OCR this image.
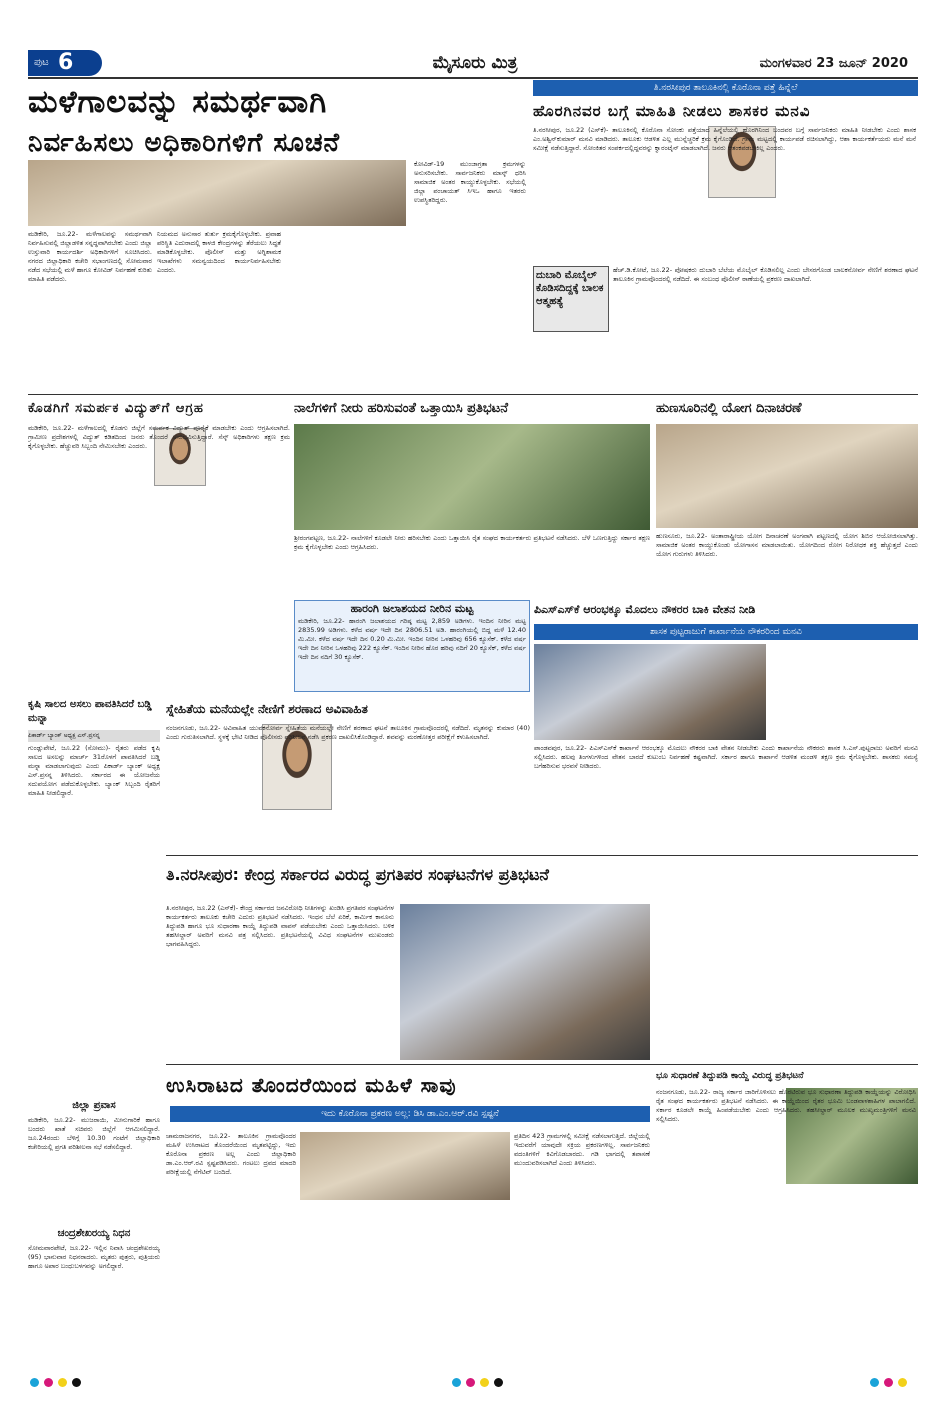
ಪುಟ 6	ಮೈಸೂರು ಮಿತ್ರ	ಮಂಗಳವಾರ 23 ಜೂನ್ 2020
ಮಳೆಗಾಲವನ್ನು ಸಮರ್ಥವಾಗಿ
ನಿರ್ವಹಿಸಲು ಅಧಿಕಾರಿಗಳಿಗೆ ಸೂಚನೆ

ಮಡಿಕೇರಿ, ಜೂ.22- ಮಳೆಗಾಲವನ್ನು ಸಮರ್ಥವಾಗಿ ನಿರ್ವಹಿಸುವಲ್ಲಿ ಜಿಲ್ಲಾಡಳಿತ ಸನ್ನದ್ಧವಾಗಿರಬೇಕು ಎಂದು ಜಿಲ್ಲಾ ಉಸ್ತುವಾರಿ ಕಾರ್ಯದರ್ಶಿ ಅಧಿಕಾರಿಗಳಿಗೆ ಸೂಚಿಸಿದರು. ನಗರದ ಜಿಲ್ಲಾಧಿಕಾರಿ ಕಚೇರಿ ಸಭಾಂಗಣದಲ್ಲಿ ಸೋಮವಾರ ನಡೆದ ಸಭೆಯಲ್ಲಿ ಮಳೆ ಹಾಗೂ ಕೋವಿಡ್ ನಿರ್ವಹಣೆ ಕುರಿತು ಮಾಹಿತಿ ಪಡೆದರು.

ನಿಯಮದ ಅನುಸಾರ ತುರ್ತು ಕ್ರಮಕೈಗೊಳ್ಳಬೇಕು. ಪ್ರವಾಹ ಪರಿಸ್ಥಿತಿ ಎದುರಾದಲ್ಲಿ ಕಾಳಜಿ ಕೇಂದ್ರಗಳನ್ನು ತೆರೆಯಲು ಸಿದ್ಧತೆ ಮಾಡಿಕೊಳ್ಳಬೇಕು. ಪೊಲೀಸ್ ಮತ್ತು ಅಗ್ನಿಶಾಮಕ ಇಲಾಖೆಗಳು ಸಮನ್ವಯದಿಂದ ಕಾರ್ಯನಿರ್ವಹಿಸಬೇಕು ಎಂದರು.

ಕೋವಿಡ್-19 ಮುಂಜಾಗ್ರತಾ ಕ್ರಮಗಳನ್ನು ಅನುಸರಿಸಬೇಕು. ಸಾರ್ವಜನಿಕರು ಮಾಸ್ಕ್ ಧರಿಸಿ ಸಾಮಾಜಿಕ ಅಂತರ ಕಾಯ್ದುಕೊಳ್ಳಬೇಕು. ಸಭೆಯಲ್ಲಿ ಜಿಲ್ಲಾ ಪಂಚಾಯತ್ ಸಿಇಒ ಹಾಗೂ ಇತರರು ಉಪಸ್ಥಿತರಿದ್ದರು.

ತಿ.ನರಸೀಪುರ ತಾಲೂಕಿನಲ್ಲಿ ಕೊರೊನಾ ಪತ್ತೆ ಹಿನ್ನೆಲೆ
ಹೊರಗಿನವರ ಬಗ್ಗೆ ಮಾಹಿತಿ ನೀಡಲು ಶಾಸಕರ ಮನವಿ

ತಿ.ನರಸೀಪುರ, ಜೂ.22 (ಎಸ್‌ಕೆ)- ತಾಲೂಕಿನಲ್ಲಿ ಕೊರೊನಾ ಸೋಂಕು ಪತ್ತೆಯಾದ ಹಿನ್ನೆಲೆಯಲ್ಲಿ ಹೊರಗಿನಿಂದ ಬಂದವರ ಬಗ್ಗೆ ಸಾರ್ವಜನಿಕರು ಮಾಹಿತಿ ನೀಡಬೇಕು ಎಂದು ಶಾಸಕ ಎಂ.ಅಶ್ವಿನ್‌ಕುಮಾರ್ ಮನವಿ ಮಾಡಿದರು. ತಾಲೂಕು ಆಡಳಿತ ಎಲ್ಲ ಮುನ್ನೆಚ್ಚರಿಕೆ ಕ್ರಮ ಕೈಗೊಂಡಿದೆ. ಗ್ರಾಮ ಮಟ್ಟದಲ್ಲಿ ಕಾರ್ಯಪಡೆ ರಚಿಸಲಾಗಿದ್ದು, ಆಶಾ ಕಾರ್ಯಕರ್ತೆಯರು ಮನೆ ಮನೆ ಸಮೀಕ್ಷೆ ನಡೆಸುತ್ತಿದ್ದಾರೆ. ಸೋಂಕಿತರ ಸಂಪರ್ಕದಲ್ಲಿದ್ದವರನ್ನು ಕ್ವಾರಂಟೈನ್ ಮಾಡಲಾಗಿದೆ. ಜನರು ಆತಂಕಪಡಬೇಕಿಲ್ಲ ಎಂದರು.

ದುಬಾರಿ ಮೊಬೈಲ್ ಕೊಡಿಸದಿದ್ದಕ್ಕೆ ಬಾಲಕ ಆತ್ಮಹತ್ಯೆ

ಹೆಚ್.ಡಿ.ಕೋಟೆ, ಜೂ.22- ಪೋಷಕರು ದುಬಾರಿ ಬೆಲೆಯ ಮೊಬೈಲ್ ಕೊಡಿಸಲಿಲ್ಲ ಎಂದು ಬೇಸರಗೊಂಡ ಬಾಲಕನೋರ್ವ ನೇಣಿಗೆ ಶರಣಾದ ಘಟನೆ ತಾಲೂಕಿನ ಗ್ರಾಮವೊಂದರಲ್ಲಿ ನಡೆದಿದೆ. ಈ ಸಂಬಂಧ ಪೊಲೀಸ್ ಠಾಣೆಯಲ್ಲಿ ಪ್ರಕರಣ ದಾಖಲಾಗಿದೆ.

ಕೊಡಗಿಗೆ ಸಮರ್ಪಕ ವಿದ್ಯುತ್‌ಗೆ ಆಗ್ರಹ

ಮಡಿಕೇರಿ, ಜೂ.22- ಮಳೆಗಾಲದಲ್ಲಿ ಕೊಡಗು ಜಿಲ್ಲೆಗೆ ಸಮರ್ಪಕ ವಿದ್ಯುತ್ ಪೂರೈಕೆ ಮಾಡಬೇಕು ಎಂದು ಆಗ್ರಹಿಸಲಾಗಿದೆ. ಗ್ರಾಮೀಣ ಪ್ರದೇಶಗಳಲ್ಲಿ ವಿದ್ಯುತ್ ಕಡಿತದಿಂದ ಜನರು ತೊಂದರೆ ಅನುಭವಿಸುತ್ತಿದ್ದಾರೆ. ಸೆಸ್ಕ್ ಅಧಿಕಾರಿಗಳು ತಕ್ಷಣ ಕ್ರಮ ಕೈಗೊಳ್ಳಬೇಕು. ಹೆಚ್ಚುವರಿ ಸಿಬ್ಬಂದಿ ನೇಮಿಸಬೇಕು ಎಂದರು.

ನಾಲೆಗಳಿಗೆ ನೀರು ಹರಿಸುವಂತೆ ಒತ್ತಾಯಿಸಿ ಪ್ರತಿಭಟನೆ

ಶ್ರೀರಂಗಪಟ್ಟಣ, ಜೂ.22- ನಾಲೆಗಳಿಗೆ ಕೂಡಲೇ ನೀರು ಹರಿಸಬೇಕು ಎಂದು ಒತ್ತಾಯಿಸಿ ರೈತ ಸಂಘದ ಕಾರ್ಯಕರ್ತರು ಪ್ರತಿಭಟನೆ ನಡೆಸಿದರು. ಬೆಳೆ ಒಣಗುತ್ತಿದ್ದು ಸರ್ಕಾರ ತಕ್ಷಣ ಕ್ರಮ ಕೈಗೊಳ್ಳಬೇಕು ಎಂದು ಆಗ್ರಹಿಸಿದರು.

ಹುಣಸೂರಿನಲ್ಲಿ ಯೋಗ ದಿನಾಚರಣೆ

ಹುಣಸೂರು, ಜೂ.22- ಅಂತಾರಾಷ್ಟ್ರೀಯ ಯೋಗ ದಿನಾಚರಣೆ ಅಂಗವಾಗಿ ಪಟ್ಟಣದಲ್ಲಿ ಯೋಗ ಶಿಬಿರ ಆಯೋಜಿಸಲಾಗಿತ್ತು. ಸಾಮಾಜಿಕ ಅಂತರ ಕಾಯ್ದುಕೊಂಡು ಯೋಗಾಸನ ಮಾಡಲಾಯಿತು. ಯೋಗದಿಂದ ರೋಗ ನಿರೋಧಕ ಶಕ್ತಿ ಹೆಚ್ಚುತ್ತದೆ ಎಂದು ಯೋಗ ಗುರುಗಳು ತಿಳಿಸಿದರು.

ಹಾರಂಗಿ ಜಲಾಶಯದ ನೀರಿನ ಮಟ್ಟ
ಮಡಿಕೇರಿ, ಜೂ.22- ಹಾರಂಗಿ ಜಲಾಶಯದ ಗರಿಷ್ಠ ಮಟ್ಟ 2,859 ಅಡಿಗಳು. ಇಂದಿನ ನೀರಿನ ಮಟ್ಟ 2835.99 ಅಡಿಗಳು. ಕಳೆದ ವರ್ಷ ಇದೇ ದಿನ 2806.51 ಅಡಿ. ಹಾರಂಗಿಯಲ್ಲಿ ಬಿದ್ದ ಮಳೆ 12.40 ಮಿ.ಮೀ. ಕಳೆದ ವರ್ಷ ಇದೇ ದಿನ 0.20 ಮಿ.ಮೀ. ಇಂದಿನ ನೀರಿನ ಒಳಹರಿವು 656 ಕ್ಯೂಸೆಕ್. ಕಳೆದ ವರ್ಷ ಇದೇ ದಿನ ನೀರಿನ ಒಳಹರಿವು 222 ಕ್ಯೂಸೆಕ್. ಇಂದಿನ ನೀರಿನ ಹೊರ ಹರಿವು ನದಿಗೆ 20 ಕ್ಯೂಸೆಕ್, ಕಳೆದ ವರ್ಷ ಇದೇ ದಿನ ನದಿಗೆ 30 ಕ್ಯೂಸೆಕ್.
ಪಿಎಸ್‌ಎಸ್‌ಕೆ ಆರಂಭಕ್ಕೂ ಮೊದಲು ನೌಕರರ ಬಾಕಿ ವೇತನ ನೀಡಿ
ಶಾಸಕ ಪುಟ್ಟರಾಜುಗೆ ಕಾರ್ಖಾನೆಯ ನೌಕರರಿಂದ ಮನವಿ

ಪಾಂಡವಪುರ, ಜೂ.22- ಪಿಎಸ್‌ಎಸ್‌ಕೆ ಕಾರ್ಖಾನೆ ಆರಂಭಕ್ಕೂ ಮೊದಲು ನೌಕರರ ಬಾಕಿ ವೇತನ ನೀಡಬೇಕು ಎಂದು ಕಾರ್ಖಾನೆಯ ನೌಕರರು ಶಾಸಕ ಸಿ.ಎಸ್.ಪುಟ್ಟರಾಜು ಅವರಿಗೆ ಮನವಿ ಸಲ್ಲಿಸಿದರು. ಹಲವು ತಿಂಗಳುಗಳಿಂದ ವೇತನ ಬಾರದೆ ಕುಟುಂಬ ನಿರ್ವಹಣೆ ಕಷ್ಟವಾಗಿದೆ. ಸರ್ಕಾರ ಹಾಗೂ ಕಾರ್ಖಾನೆ ಆಡಳಿತ ಮಂಡಳಿ ತಕ್ಷಣ ಕ್ರಮ ಕೈಗೊಳ್ಳಬೇಕು. ಶಾಸಕರು ಸಮಸ್ಯೆ ಬಗೆಹರಿಸುವ ಭರವಸೆ ನೀಡಿದರು.

ಕೃಷಿ ಸಾಲದ ಅಸಲು ಪಾವತಿಸಿದರೆ ಬಡ್ಡಿ ಮನ್ನಾ
ಪಿಕಾರ್ಡ್ ಬ್ಯಾಂಕ್ ಅಧ್ಯಕ್ಷ ಎಸ್.ಪ್ರಸನ್ನ

ಗುಂಡ್ಲುಪೇಟೆ, ಜೂ.22 (ಸೋಮು)- ರೈತರು ಪಡೆದ ಕೃಷಿ ಸಾಲದ ಅಸಲನ್ನು ಮಾರ್ಚ್ 31ರೊಳಗೆ ಪಾವತಿಸಿದರೆ ಬಡ್ಡಿ ಮನ್ನಾ ಮಾಡಲಾಗುವುದು ಎಂದು ಪಿಕಾರ್ಡ್ ಬ್ಯಾಂಕ್ ಅಧ್ಯಕ್ಷ ಎಸ್.ಪ್ರಸನ್ನ ತಿಳಿಸಿದರು. ಸರ್ಕಾರದ ಈ ಯೋಜನೆಯ ಸದುಪಯೋಗ ಪಡೆದುಕೊಳ್ಳಬೇಕು. ಬ್ಯಾಂಕ್ ಸಿಬ್ಬಂದಿ ರೈತರಿಗೆ ಮಾಹಿತಿ ನೀಡಲಿದ್ದಾರೆ.

ಸ್ನೇಹಿತೆಯ ಮನೆಯಲ್ಲೇ ನೇಣಿಗೆ ಶರಣಾದ ಅವಿವಾಹಿತ

ನಂಜನಗೂಡು, ಜೂ.22- ಅವಿವಾಹಿತ ಯುವಕನೋರ್ವ ಸ್ನೇಹಿತೆಯ ಮನೆಯಲ್ಲೇ ನೇಣಿಗೆ ಶರಣಾದ ಘಟನೆ ತಾಲೂಕಿನ ಗ್ರಾಮವೊಂದರಲ್ಲಿ ನಡೆದಿದೆ. ಮೃತನನ್ನು ಕುಮಾರ (40) ಎಂದು ಗುರುತಿಸಲಾಗಿದೆ. ಸ್ಥಳಕ್ಕೆ ಭೇಟಿ ನೀಡಿದ ಪೊಲೀಸರು ಪರಿಶೀಲನೆ ನಡೆಸಿ ಪ್ರಕರಣ ದಾಖಲಿಸಿಕೊಂಡಿದ್ದಾರೆ. ಶವವನ್ನು ಮರಣೋತ್ತರ ಪರೀಕ್ಷೆಗೆ ಕಳುಹಿಸಲಾಗಿದೆ.

ತಿ.ನರಸೀಪುರ: ಕೇಂದ್ರ ಸರ್ಕಾರದ ವಿರುದ್ಧ ಪ್ರಗತಿಪರ ಸಂಘಟನೆಗಳ ಪ್ರತಿಭಟನೆ

ತಿ.ನರಸೀಪುರ, ಜೂ.22 (ಎಸ್‌ಕೆ)- ಕೇಂದ್ರ ಸರ್ಕಾರದ ಜನವಿರೋಧಿ ನೀತಿಗಳನ್ನು ಖಂಡಿಸಿ ಪ್ರಗತಿಪರ ಸಂಘಟನೆಗಳ ಕಾರ್ಯಕರ್ತರು ತಾಲೂಕು ಕಚೇರಿ ಎದುರು ಪ್ರತಿಭಟನೆ ನಡೆಸಿದರು. ಇಂಧನ ಬೆಲೆ ಏರಿಕೆ, ಕಾರ್ಮಿಕ ಕಾನೂನು ತಿದ್ದುಪಡಿ ಹಾಗೂ ಭೂ ಸುಧಾರಣಾ ಕಾಯ್ದೆ ತಿದ್ದುಪಡಿ ವಾಪಸ್ ಪಡೆಯಬೇಕು ಎಂದು ಒತ್ತಾಯಿಸಿದರು. ಬಳಿಕ ತಹಸೀಲ್ದಾರ್ ಅವರಿಗೆ ಮನವಿ ಪತ್ರ ಸಲ್ಲಿಸಿದರು. ಪ್ರತಿಭಟನೆಯಲ್ಲಿ ವಿವಿಧ ಸಂಘಟನೆಗಳ ಮುಖಂಡರು ಭಾಗವಹಿಸಿದ್ದರು.

ಜಿಲ್ಲಾ ಪ್ರವಾಸ

ಮಡಿಕೇರಿ, ಜೂ.22- ಮುಜರಾಯಿ, ಮೀನುಗಾರಿಕೆ ಹಾಗೂ ಬಂದರು ಖಾತೆ ಸಚಿವರು ಜಿಲ್ಲೆಗೆ ಆಗಮಿಸಲಿದ್ದಾರೆ. ಜೂ.24ರಂದು ಬೆಳಿಗ್ಗೆ 10.30 ಗಂಟೆಗೆ ಜಿಲ್ಲಾಧಿಕಾರಿ ಕಚೇರಿಯಲ್ಲಿ ಪ್ರಗತಿ ಪರಿಶೀಲನಾ ಸಭೆ ನಡೆಸಲಿದ್ದಾರೆ.

ಚಂದ್ರಶೇಖರಯ್ಯ ನಿಧನ

ಸೋಮವಾರಪೇಟೆ, ಜೂ.22- ಇಲ್ಲಿನ ನಿವಾಸಿ ಚಂದ್ರಶೇಖರಯ್ಯ (95) ಭಾನುವಾರ ನಿಧನರಾದರು. ಮೃತರು ಪುತ್ರರು, ಪುತ್ರಿಯರು ಹಾಗೂ ಅಪಾರ ಬಂಧುಬಳಗವನ್ನು ಅಗಲಿದ್ದಾರೆ.

ಉಸಿರಾಟದ ತೊಂದರೆಯಿಂದ ಮಹಿಳೆ ಸಾವು
ಇದು ಕೊರೊನಾ ಪ್ರಕರಣ ಅಲ್ಲ: ಡಿಸಿ ಡಾ.ಎಂ.ಆರ್.ರವಿ ಸ್ಪಷ್ಟನೆ

ಚಾಮರಾಜನಗರ, ಜೂ.22- ತಾಲೂಕಿನ ಗ್ರಾಮವೊಂದರ ಮಹಿಳೆ ಉಸಿರಾಟದ ತೊಂದರೆಯಿಂದ ಮೃತಪಟ್ಟಿದ್ದು, ಇದು ಕೊರೊನಾ ಪ್ರಕರಣ ಅಲ್ಲ ಎಂದು ಜಿಲ್ಲಾಧಿಕಾರಿ ಡಾ.ಎಂ.ಆರ್.ರವಿ ಸ್ಪಷ್ಟಪಡಿಸಿದರು. ಗಂಟಲು ದ್ರವದ ಮಾದರಿ ಪರೀಕ್ಷೆಯಲ್ಲಿ ನೆಗೆಟಿವ್ ಬಂದಿದೆ.

ಪ್ರತಿದಿನ 423 ಗ್ರಾಮಗಳಲ್ಲಿ ಸಮೀಕ್ಷೆ ನಡೆಸಲಾಗುತ್ತಿದೆ. ಜಿಲ್ಲೆಯಲ್ಲಿ ಇದುವರೆಗೆ ಯಾವುದೇ ಸಕ್ರಿಯ ಪ್ರಕರಣಗಳಿಲ್ಲ. ಸಾರ್ವಜನಿಕರು ವದಂತಿಗಳಿಗೆ ಕಿವಿಗೊಡಬಾರದು. ಗಡಿ ಭಾಗದಲ್ಲಿ ತಪಾಸಣೆ ಮುಂದುವರಿಸಲಾಗಿದೆ ಎಂದು ತಿಳಿಸಿದರು.

ಭೂ ಸುಧಾರಣೆ ತಿದ್ದುಪಡಿ ಕಾಯ್ದೆ ವಿರುದ್ಧ ಪ್ರತಿಭಟನೆ

ನಂಜನಗೂಡು, ಜೂ.22- ರಾಜ್ಯ ಸರ್ಕಾರ ಜಾರಿಗೊಳಿಸಲು ಹೊರಟಿರುವ ಭೂ ಸುಧಾರಣಾ ತಿದ್ದುಪಡಿ ಕಾಯ್ದೆಯನ್ನು ವಿರೋಧಿಸಿ ರೈತ ಸಂಘದ ಕಾರ್ಯಕರ್ತರು ಪ್ರತಿಭಟನೆ ನಡೆಸಿದರು. ಈ ಕಾಯ್ದೆಯಿಂದ ರೈತರ ಭೂಮಿ ಬಂಡವಾಳಶಾಹಿಗಳ ಪಾಲಾಗಲಿದೆ. ಸರ್ಕಾರ ಕೂಡಲೇ ಕಾಯ್ದೆ ಹಿಂಪಡೆಯಬೇಕು ಎಂದು ಆಗ್ರಹಿಸಿದರು. ತಹಸೀಲ್ದಾರ್ ಮೂಲಕ ಮುಖ್ಯಮಂತ್ರಿಗಳಿಗೆ ಮನವಿ ಸಲ್ಲಿಸಿದರು.
